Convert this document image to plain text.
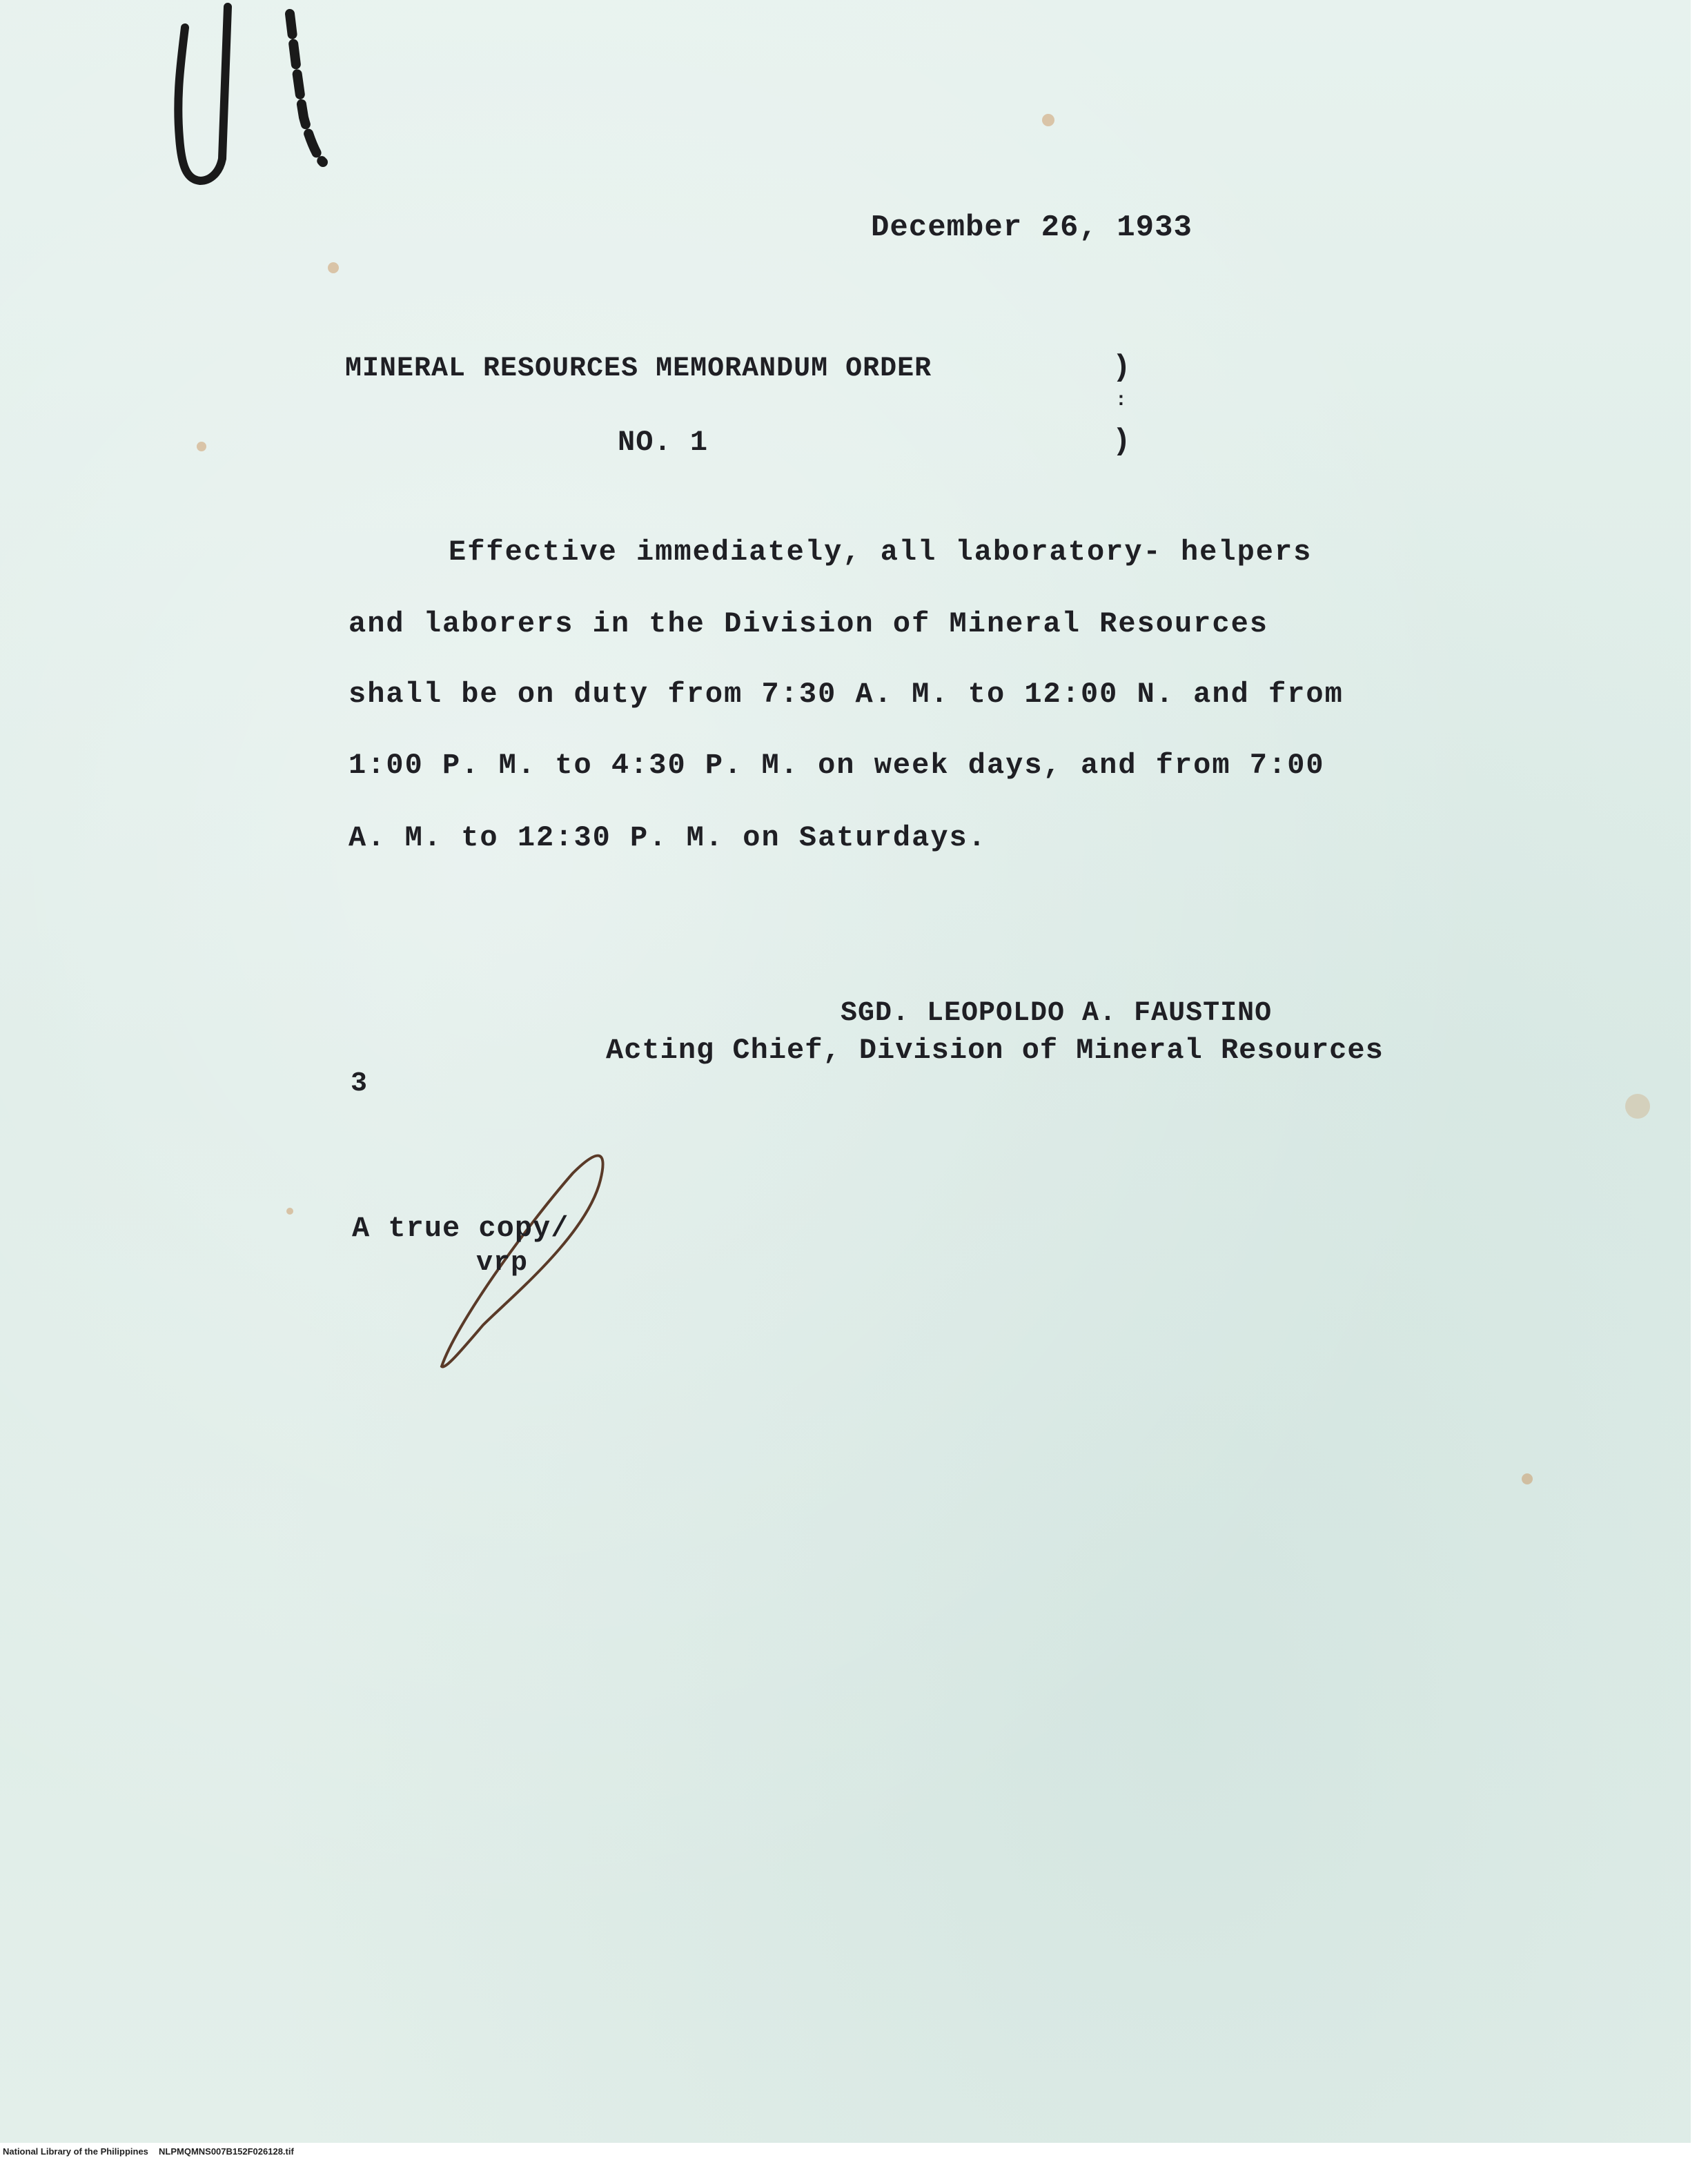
December 26, 1933
MINERAL RESOURCES MEMORANDUM ORDER	)
:
)
NO. 1
Effective immediately, all laboratory- helpers
and laborers in the Division of Mineral Resources
shall be on duty from 7:30 A. M. to 12:00 N. and from
1:00 P. M. to 4:30 P. M. on week days, and from 7:00
A. M. to 12:30 P. M. on Saturdays.
SGD. LEOPOLDO A. FAUSTINO
Acting Chief, Division of Mineral Resources
3
A true copy/
vrp
National Library of the Philippines NLPMQMNS007B152F026128.tif
